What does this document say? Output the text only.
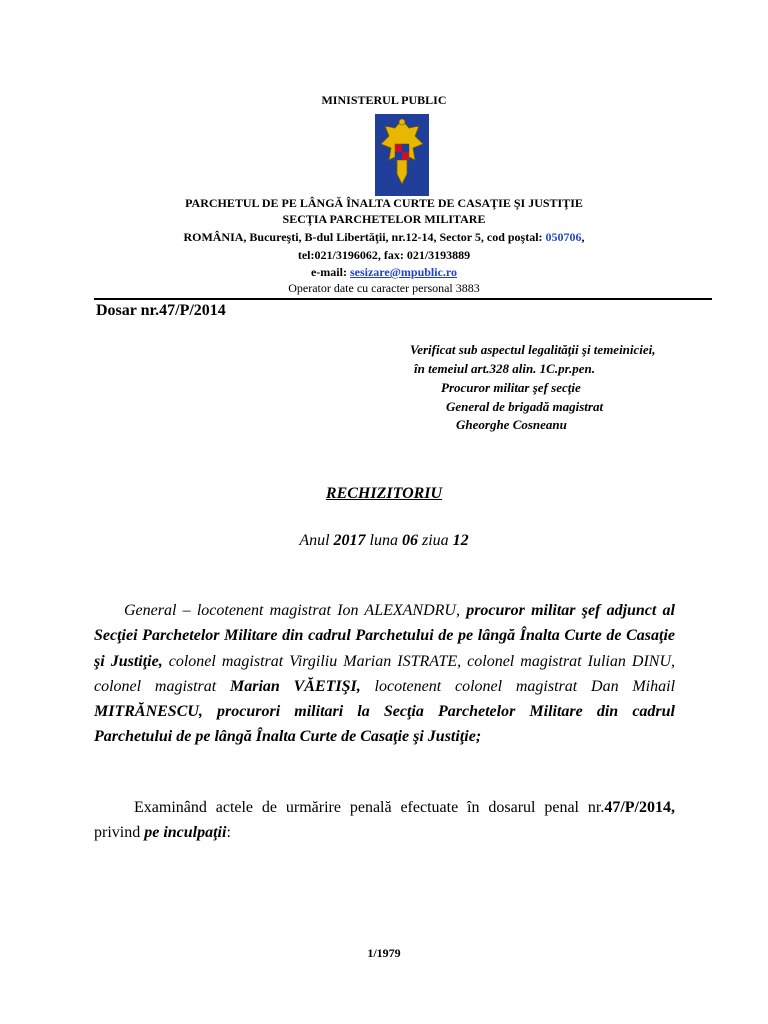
MINISTERUL PUBLIC
PARCHETUL DE PE LÂNGĂ ÎNALTA CURTE DE CASAŢIE ŞI JUSTIŢIE
SECŢIA PARCHETELOR MILITARE
ROMÂNIA, Bucureşti, B-dul Libertăţii, nr.12-14, Sector 5, cod poştal: 050706,
tel:021/3196062, fax: 021/3193889
e-mail: sesizare@mpublic.ro
Operator date cu caracter personal 3883
Dosar nr.47/P/2014
Verificat sub aspectul legalităţii şi temeiniciei,
în temeiul art.328 alin. 1C.pr.pen.
Procuror militar şef secţie
General de brigadă magistrat
Gheorghe Cosneanu
RECHIZITORIU
Anul 2017 luna 06 ziua 12
General – locotenent magistrat Ion ALEXANDRU, procuror militar şef adjunct al Secţiei Parchetelor Militare din cadrul Parchetului de pe lângă Înalta Curte de Casaţie şi Justiţie, colonel magistrat Virgiliu Marian ISTRATE, colonel magistrat Iulian DINU, colonel magistrat Marian VĂETIŞI, locotenent colonel magistrat Dan Mihail MITRĂNESCU, procurori militari la Secţia Parchetelor Militare din cadrul Parchetului de pe lângă Înalta Curte de Casaţie şi Justiţie;
Examinând actele de urmărire penală efectuate în dosarul penal nr.47/P/2014, privind pe inculpaţii:
1/1979
